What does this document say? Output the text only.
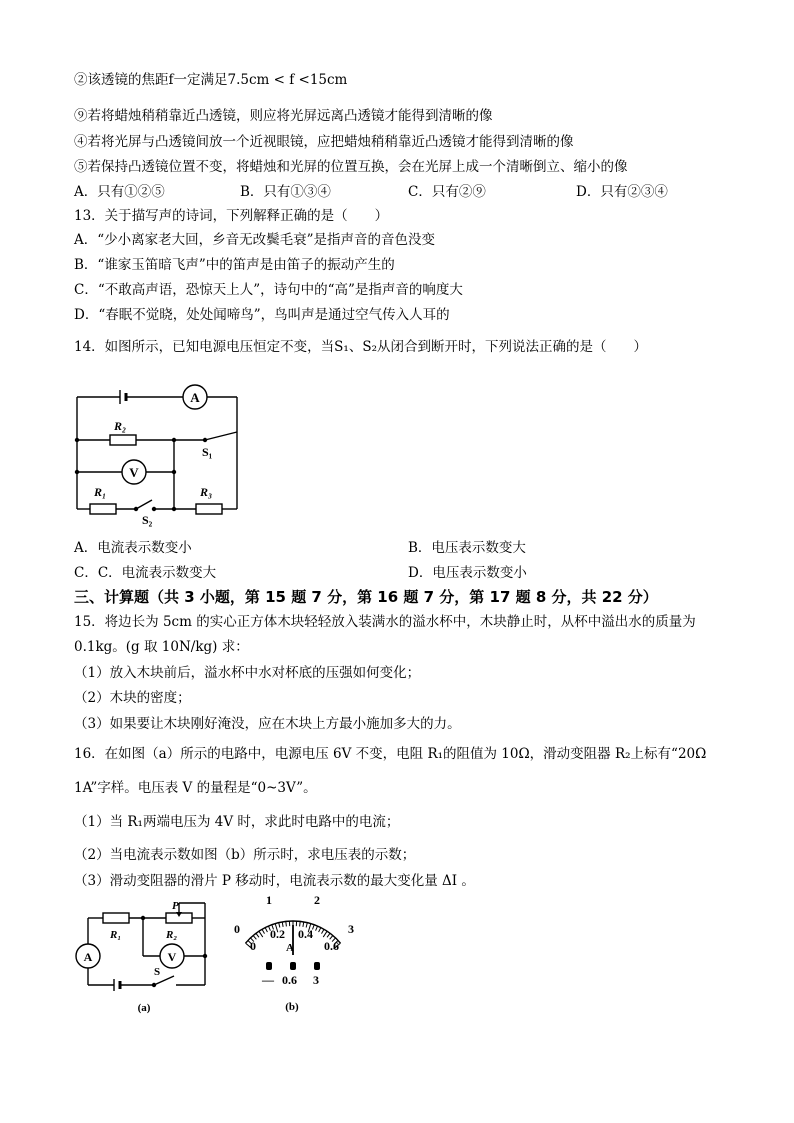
②该透镜的焦距f一定满足7.5cm < f <15cm
⑨若将蜡烛稍稍靠近凸透镜，则应将光屏远离凸透镜才能得到清晰的像
④若将光屏与凸透镜间放一个近视眼镜，应把蜡烛稍稍靠近凸透镜才能得到清晰的像
⑤若保持凸透镜位置不变，将蜡烛和光屏的位置互换，会在光屏上成一个清晰倒立、缩小的像
A．只有①②⑤	B．只有①③④	C．只有②⑨	D．只有②③④
13．关于描写声的诗词，下列解释正确的是（　　）
A．“少小离家老大回，乡音无改鬓毛衰”是指声音的音色没变
B．“谁家玉笛暗飞声”中的笛声是由笛子的振动产生的
C．“不敢高声语，恐惊天上人”，诗句中的“高”是指声音的响度大
D．“春眠不觉晓，处处闻啼鸟”，鸟叫声是通过空气传入人耳的
14．如图所示，已知电源电压恒定不变，当S₁、S₂从闭合到断开时，下列说法正确的是（　　）
A
V
R₂
S₁
R₁	R₃
S₂
A．电流表示数变小	B．电压表示数变大
C．C．电流表示数变大	D．电压表示数变小
三、计算题（共 3 小题，第 15 题 7 分，第 16 题 7 分，第 17 题 8 分，共 22 分）
15．将边长为 5cm 的实心正方体木块轻轻放入装满水的溢水杯中，木块静止时，从杯中溢出水的质量为
0.1kg。(g 取 10N/kg) 求：
（1）放入木块前后，溢水杯中水对杯底的压强如何变化；
（2）木块的密度；
（3）如果要让木块刚好淹没，应在木块上方最小施加多大的力。
16．在如图（a）所示的电路中，电源电压 6V 不变，电阻 R₁的阻值为 10Ω，滑动变阻器 R₂上标有“20Ω
1A”字样。电压表 V 的量程是“0~3V”。
（1）当 R₁两端电压为 4V 时，求此时电路中的电流；
（2）当电流表示数如图（b）所示时，求电压表的示数；
（3）滑动变阻器的滑片 P 移动时，电流表示数的最大变化量 ΔI 。
A	V
R₁	R₂
P
S
(a)
0
1	2
3
0
0.2 0.4
0.6
A
— 0.6 3
(b)
